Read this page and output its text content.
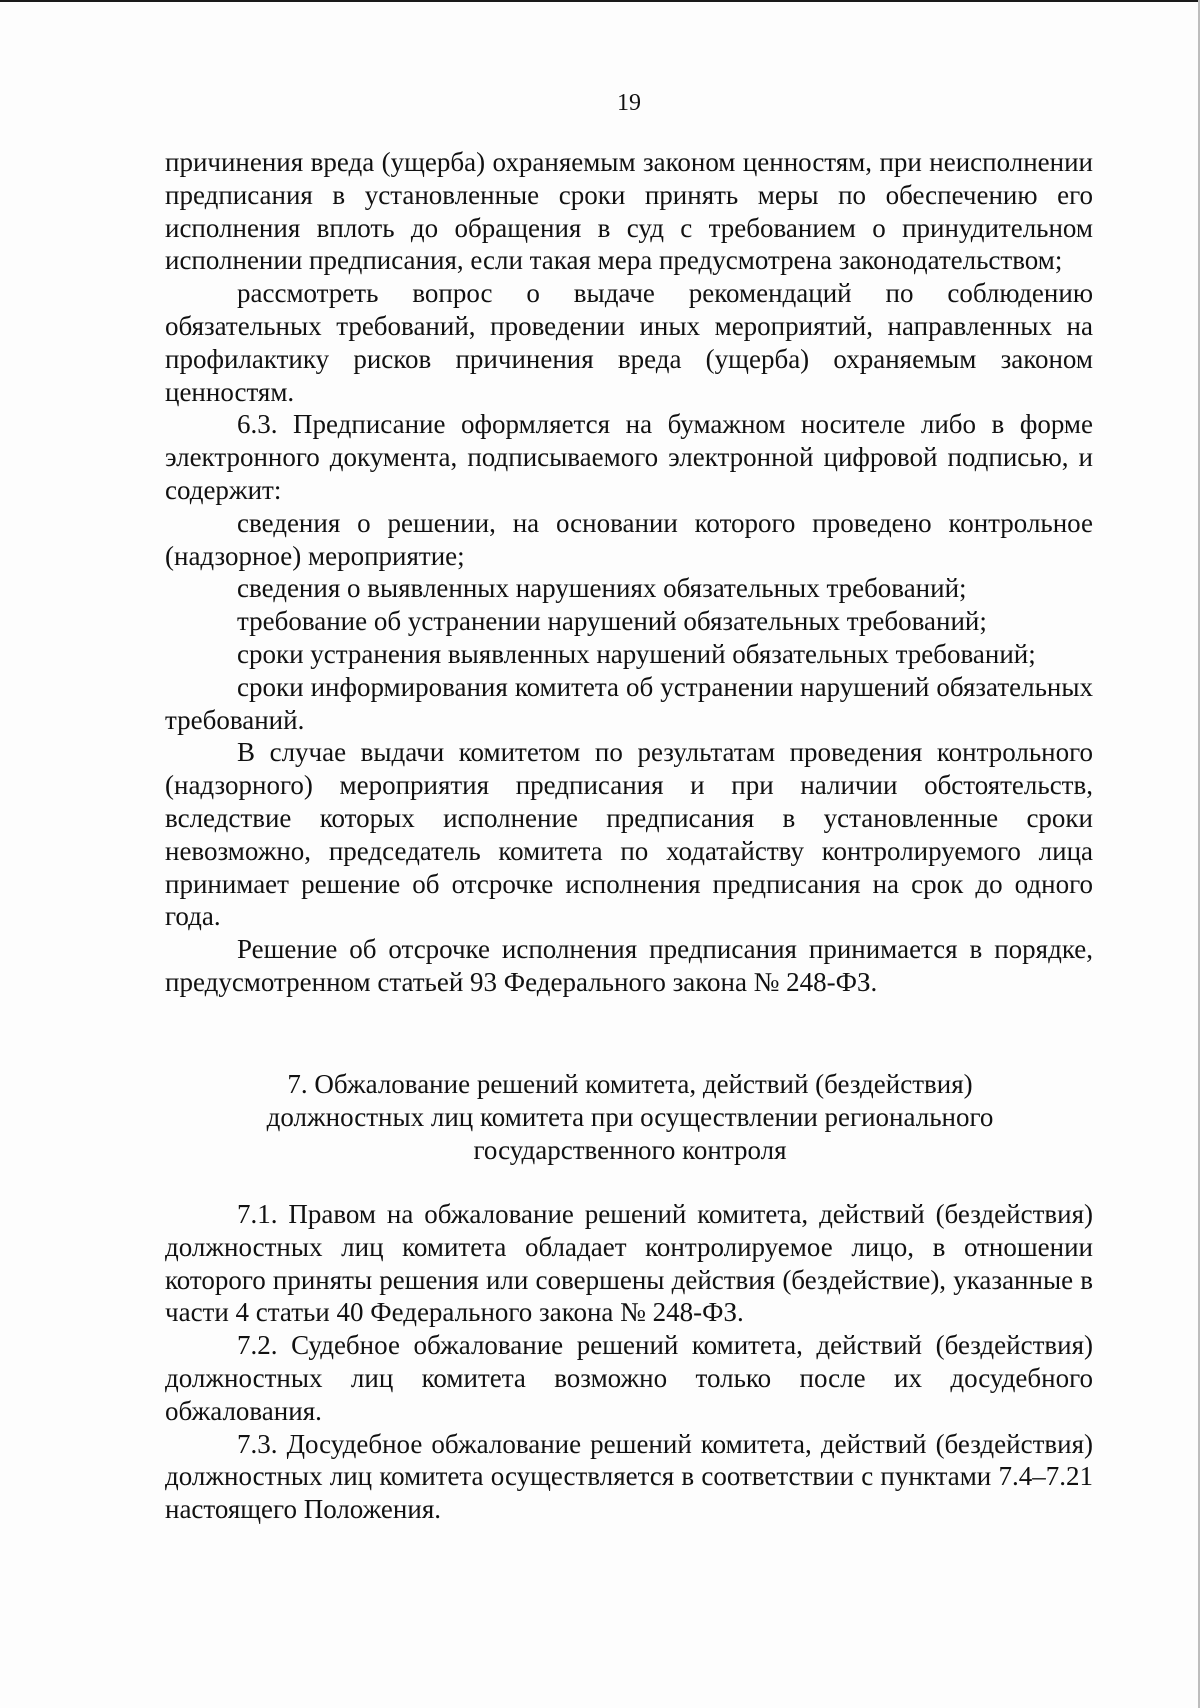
19

причинения вреда (ущерба) охраняемым законом ценностям, при неисполнении предписания в установленные сроки принять меры по обеспечению его исполнения вплоть до обращения в суд с требованием о принудительном исполнении предписания, если такая мера предусмотрена законодательством;

рассмотреть вопрос о выдаче рекомендаций по соблюдению обязательных требований, проведении иных мероприятий, направленных на профилактику рисков причинения вреда (ущерба) охраняемым законом ценностям.

6.3. Предписание оформляется на бумажном носителе либо в форме электронного документа, подписываемого электронной цифровой подписью, и содержит:

сведения о решении, на основании которого проведено контрольное (надзорное) мероприятие;

сведения о выявленных нарушениях обязательных требований;

требование об устранении нарушений обязательных требований;

сроки устранения выявленных нарушений обязательных требований;

сроки информирования комитета об устранении нарушений обязательных требований.

В случае выдачи комитетом по результатам проведения контрольного (надзорного) мероприятия предписания и при наличии обстоятельств, вследствие которых исполнение предписания в установленные сроки невозможно, председатель комитета по ходатайству контролируемого лица принимает решение об отсрочке исполнения предписания на срок до одного года.

Решение об отсрочке исполнения предписания принимается в порядке, предусмотренном статьей 93 Федерального закона № 248-ФЗ.

7. Обжалование решений комитета, действий (бездействия)
должностных лиц комитета при осуществлении регионального
государственного контроля

7.1. Правом на обжалование решений комитета, действий (бездействия) должностных лиц комитета обладает контролируемое лицо, в отношении которого приняты решения или совершены действия (бездействие), указанные в части 4 статьи 40 Федерального закона № 248-ФЗ.

7.2. Судебное обжалование решений комитета, действий (бездействия) должностных лиц комитета возможно только после их досудебного обжалования.

7.3. Досудебное обжалование решений комитета, действий (бездействия) должностных лиц комитета осуществляется в соответствии с пунктами 7.4–7.21 настоящего Положения.
